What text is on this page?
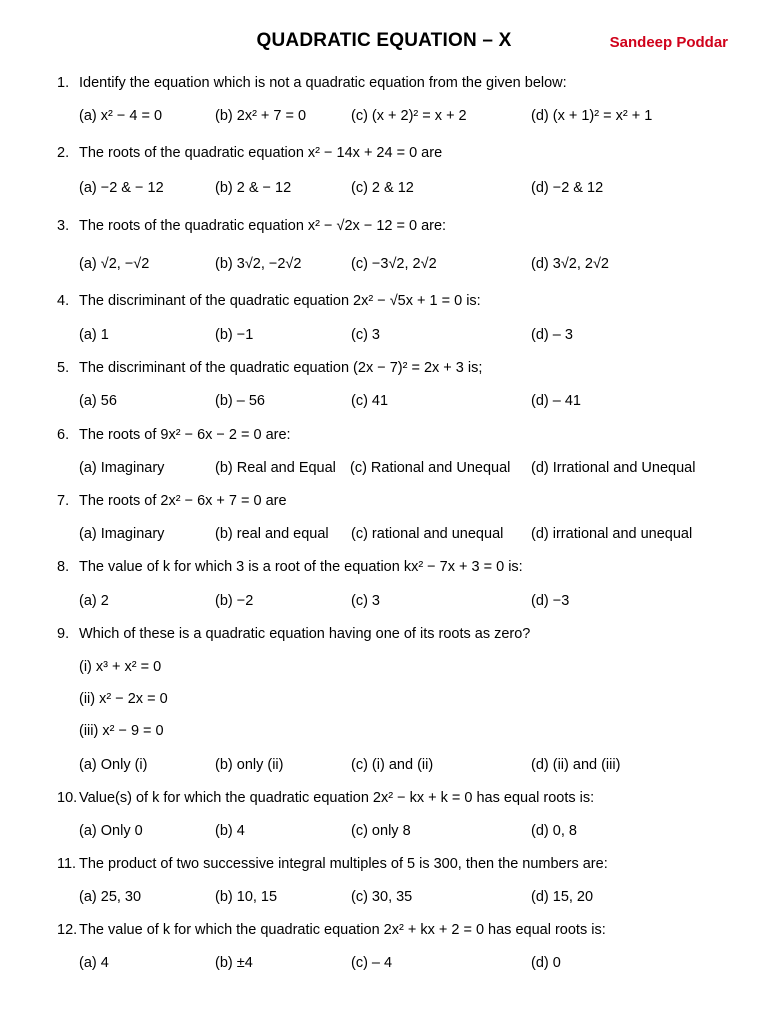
QUADRATIC EQUATION – X	Sandeep Poddar
1. Identify the equation which is not a quadratic equation from the given below:
(a) x² − 4 = 0	(b) 2x² + 7 = 0	(c) (x + 2)² = x + 2	(d) (x + 1)² = x² + 1
2. The roots of the quadratic equation x² − 14x + 24 = 0 are
(a) −2 & − 12	(b) 2 & − 12	(c) 2 & 12	(d) −2 & 12
3. The roots of the quadratic equation x² − √2x − 12 = 0 are:
(a) √2, −√2	(b) 3√2, −2√2	(c) −3√2, 2√2	(d) 3√2, 2√2
4. The discriminant of the quadratic equation 2x² − √5x + 1 = 0 is:
(a) 1	(b) −1	(c) 3	(d) – 3
5. The discriminant of the quadratic equation (2x − 7)² = 2x + 3 is;
(a) 56	(b) – 56	(c) 41	(d) – 41
6. The roots of 9x² − 6x − 2 = 0 are:
(a) Imaginary	(b) Real and Equal (c) Rational and Unequal (d) Irrational and Unequal
7. The roots of 2x² − 6x + 7 = 0 are
(a) Imaginary	(b) real and equal (c) rational and unequal (d) irrational and unequal
8. The value of k for which 3 is a root of the equation kx² − 7x + 3 = 0 is:
(a) 2	(b) −2	(c) 3	(d) −3
9. Which of these is a quadratic equation having one of its roots as zero?
(i) x³ + x² = 0
(ii) x² − 2x = 0
(iii) x² − 9 = 0
(a) Only (i)	(b) only (ii)	(c) (i) and (ii)	(d) (ii) and (iii)
10. Value(s) of k for which the quadratic equation 2x² − kx + k = 0 has equal roots is:
(a) Only 0	(b) 4	(c) only 8	(d) 0, 8
11. The product of two successive integral multiples of 5 is 300, then the numbers are:
(a) 25, 30	(b) 10, 15	(c) 30, 35	(d) 15, 20
12. The value of k for which the quadratic equation 2x² + kx + 2 = 0 has equal roots is:
(a) 4	(b) ±4	(c) – 4	(d) 0
